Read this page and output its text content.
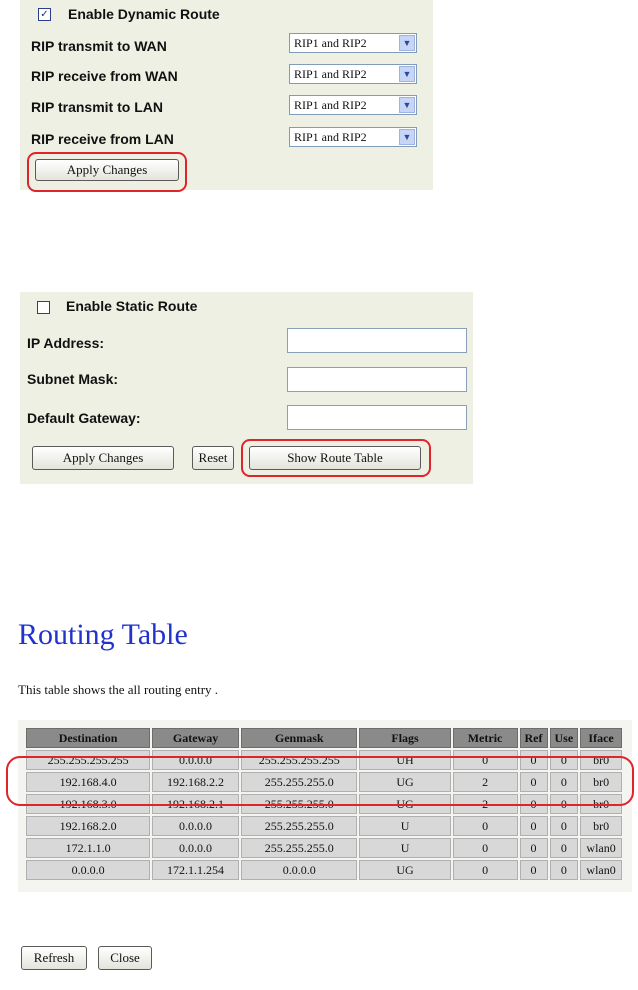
✓ Enable Dynamic Route
RIP transmit to WAN	RIP1 and RIP2	▼
RIP receive from WAN	RIP1 and RIP2	▼
RIP transmit to LAN	RIP1 and RIP2	▼
RIP receive from LAN	RIP1 and RIP2	▼
Apply Changes
Enable Static Route
IP Address:
Subnet Mask:
Default Gateway:
Apply Changes	Reset	Show Route Table
Routing Table
This table shows the all routing entry .
Destination	Gateway	Genmask	Flags	Metric	Ref	Use	Iface
255.255.255.255	0.0.0.0	255.255.255.255	UH	0	0	0	br0
192.168.4.0	192.168.2.2	255.255.255.0	UG	2	0	0	br0
192.168.3.0	192.168.2.1	255.255.255.0	UG	2	0	0	br0
192.168.2.0	0.0.0.0	255.255.255.0	U	0	0	0	br0
172.1.1.0	0.0.0.0	255.255.255.0	U	0	0	0	wlan0
0.0.0.0	172.1.1.254	0.0.0.0	UG	0	0	0	wlan0
Refresh	Close
